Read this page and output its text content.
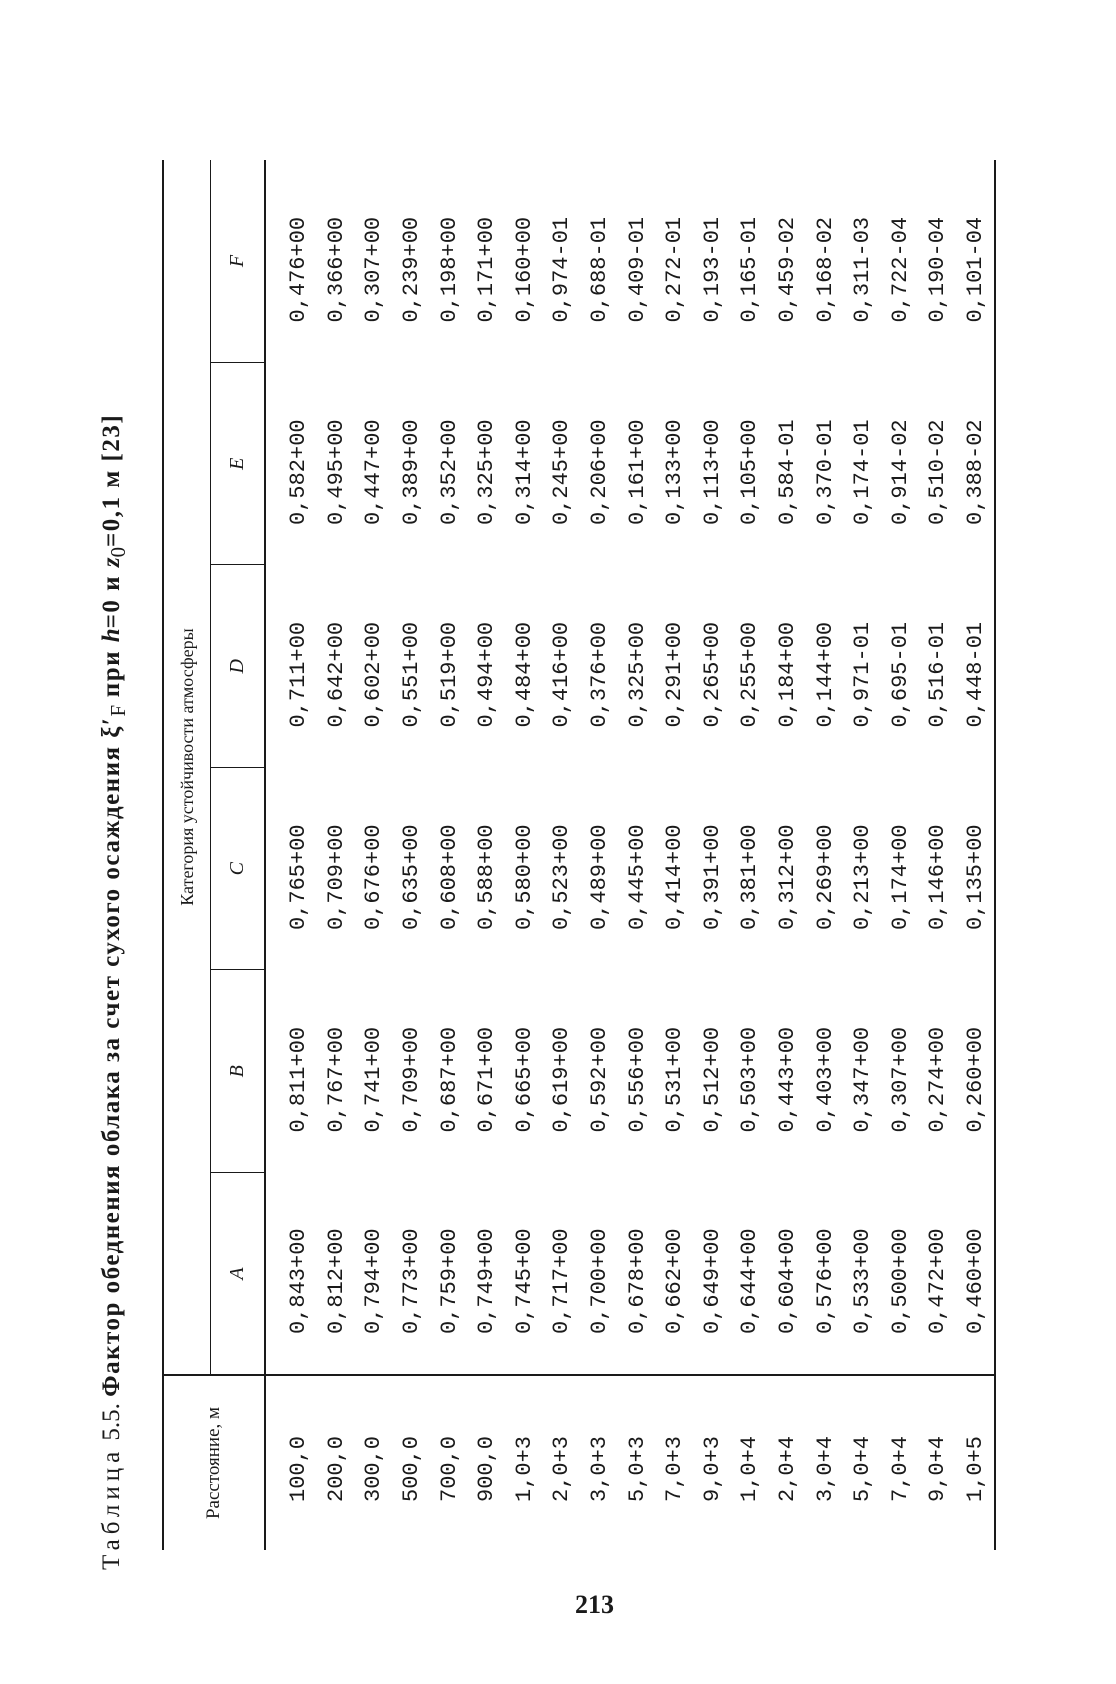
Таблица 5.5. Фактор обеднения облака за счет сухого осаждения $\xi'_F$ при h=0 и $z_0=0,1$ м [23]
Расстояние, м	Категория устойчивости атмосферы					
	A	B	C	D	E	F
100,0	0,843+00	0,811+00	0,765+00	0,711+00	0,582+00	0,476+00
200,0	0,812+00	0,767+00	0,709+00	0,642+00	0,495+00	0,366+00
300,0	0,794+00	0,741+00	0,676+00	0,602+00	0,447+00	0,307+00
500,0	0,773+00	0,709+00	0,635+00	0,551+00	0,389+00	0,239+00
700,0	0,759+00	0,687+00	0,608+00	0,519+00	0,352+00	0,198+00
900,0	0,749+00	0,671+00	0,588+00	0,494+00	0,325+00	0,171+00
1,0+3	0,745+00	0,665+00	0,580+00	0,484+00	0,314+00	0,160+00
2,0+3	0,717+00	0,619+00	0,523+00	0,416+00	0,245+00	0,974-01
3,0+3	0,700+00	0,592+00	0,489+00	0,376+00	0,206+00	0,688-01
5,0+3	0,678+00	0,556+00	0,445+00	0,325+00	0,161+00	0,409-01
7,0+3	0,662+00	0,531+00	0,414+00	0,291+00	0,133+00	0,272-01
9,0+3	0,649+00	0,512+00	0,391+00	0,265+00	0,113+00	0,193-01
1,0+4	0,644+00	0,503+00	0,381+00	0,255+00	0,105+00	0,165-01
2,0+4	0,604+00	0,443+00	0,312+00	0,184+00	0,584-01	0,459-02
3,0+4	0,576+00	0,403+00	0,269+00	0,144+00	0,370-01	0,168-02
5,0+4	0,533+00	0,347+00	0,213+00	0,971-01	0,174-01	0,311-03
7,0+4	0,500+00	0,307+00	0,174+00	0,695-01	0,914-02	0,722-04
9,0+4	0,472+00	0,274+00	0,146+00	0,516-01	0,510-02	0,190-04
1,0+5	0,460+00	0,260+00	0,135+00	0,448-01	0,388-02	0,101-04
213
